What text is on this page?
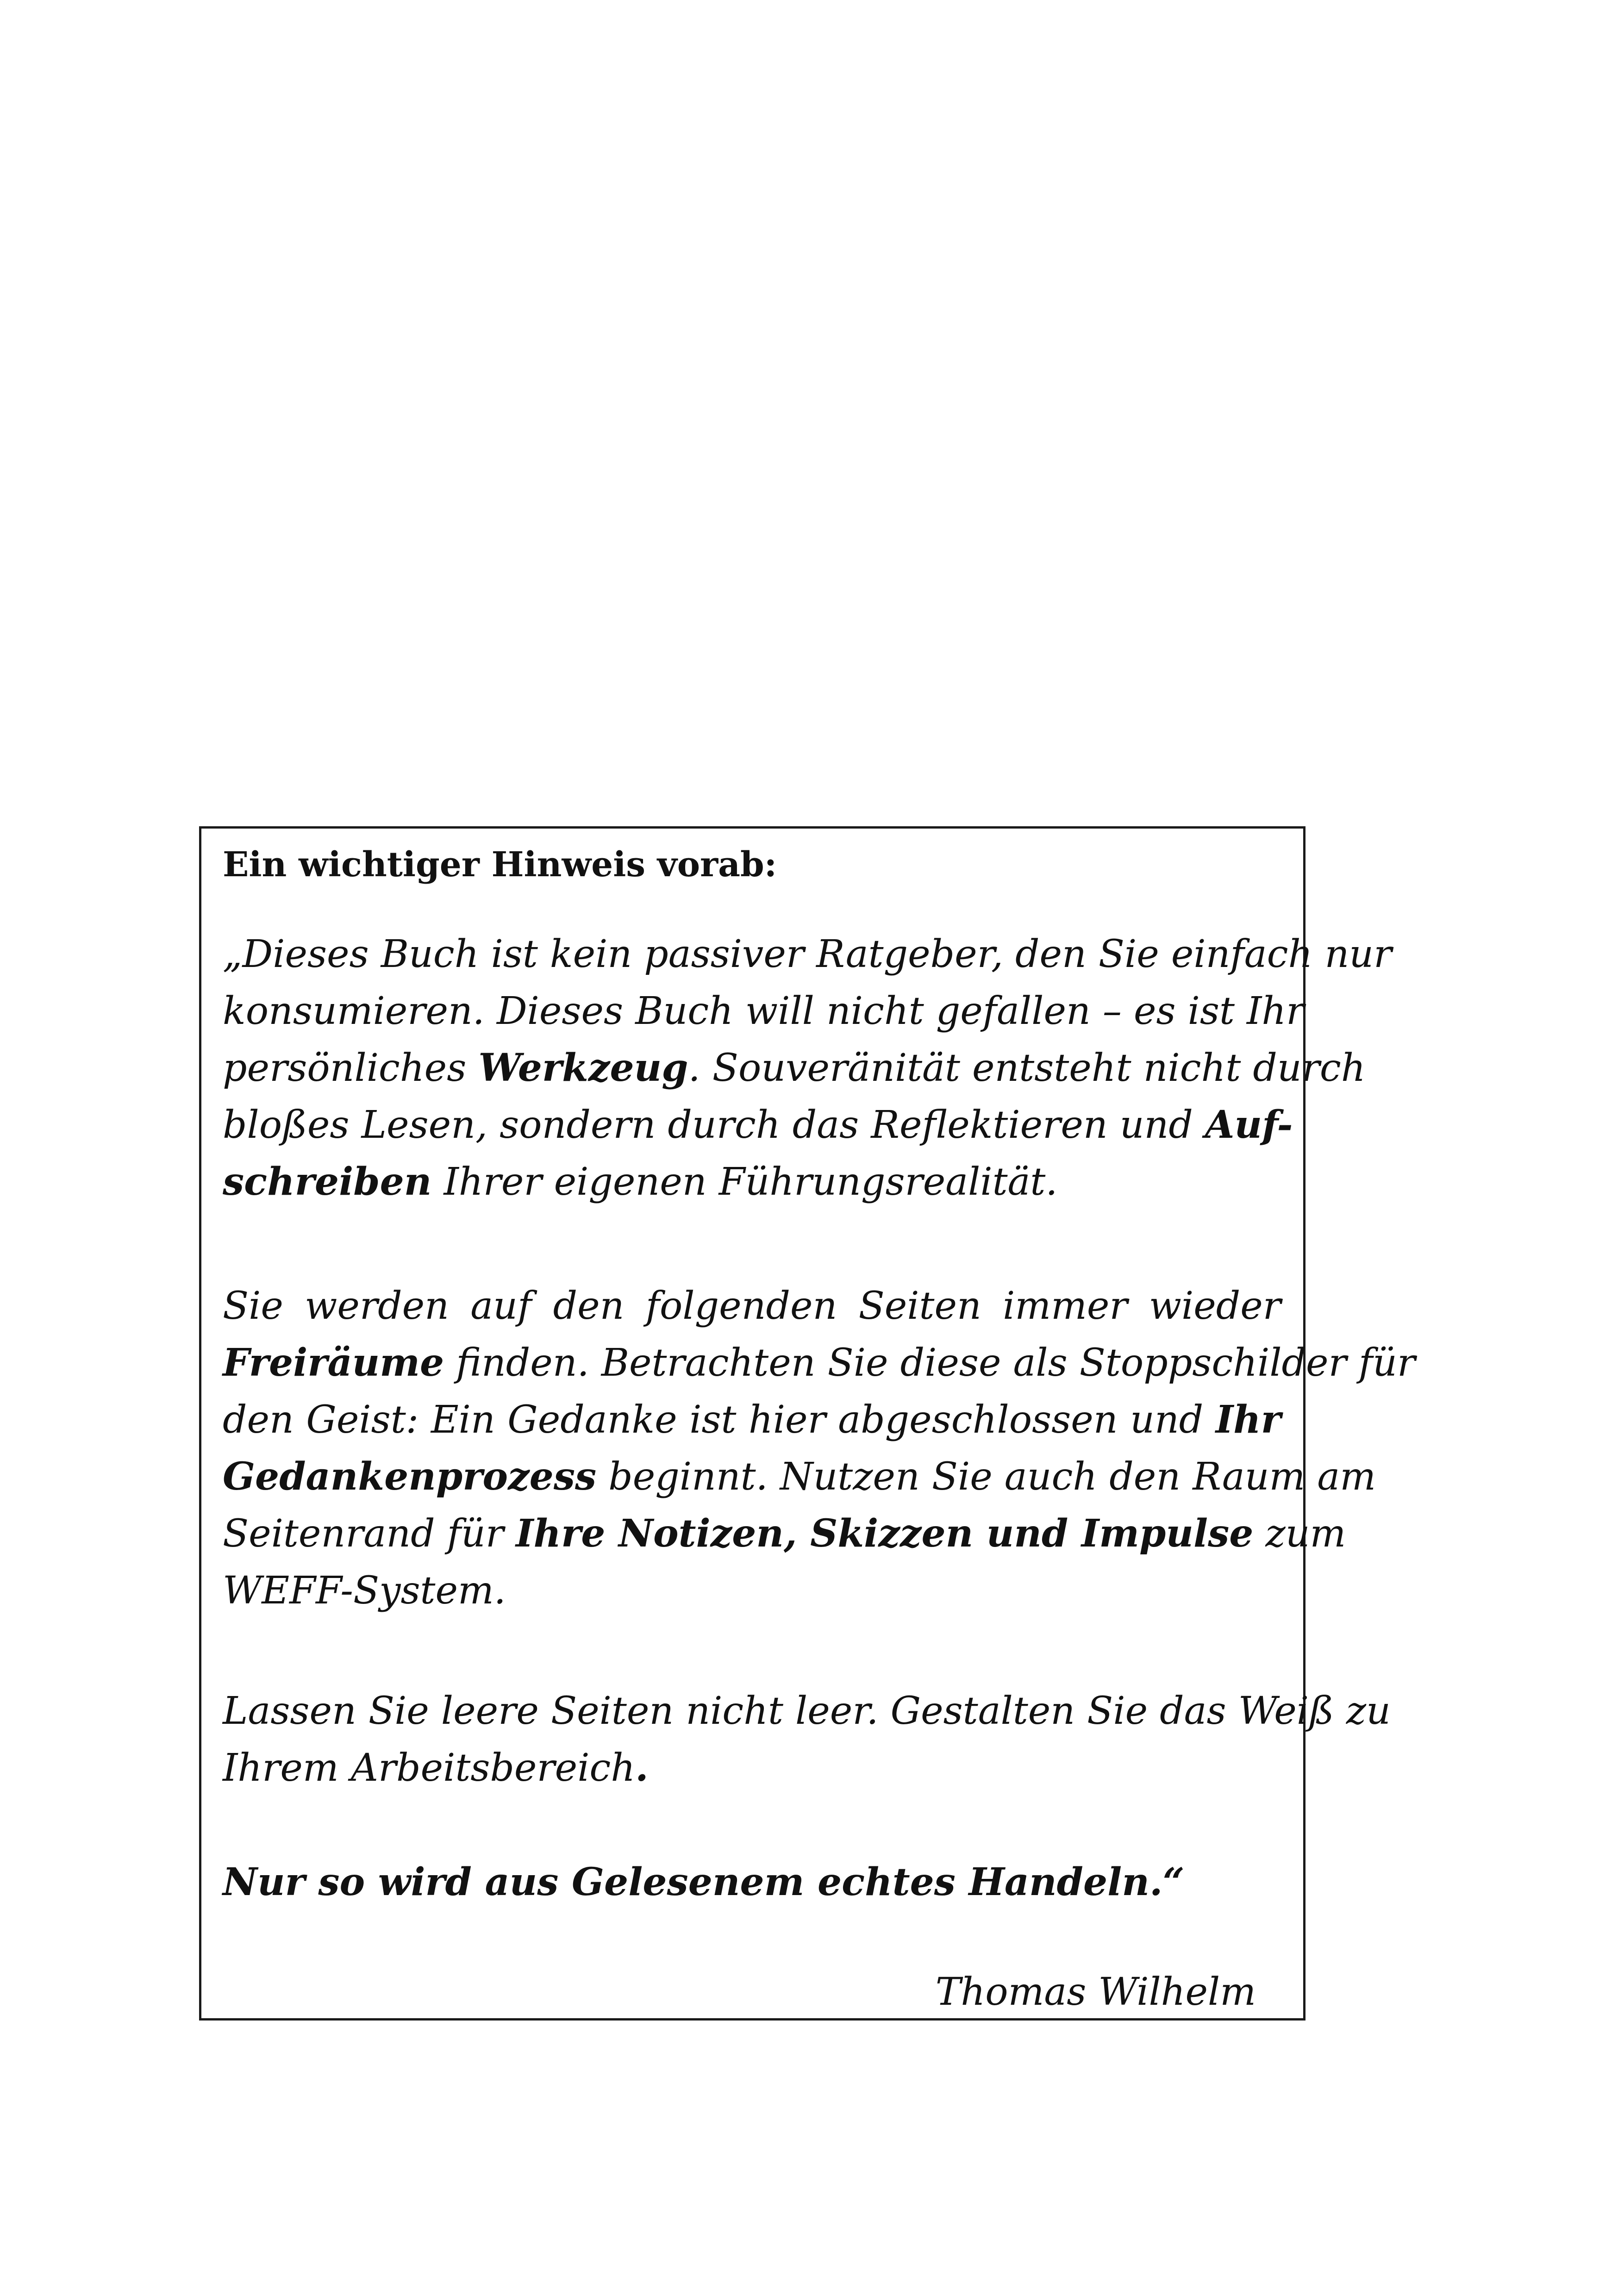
Ein wichtiger Hinweis vorab:

„Dieses Buch ist kein passiver Ratgeber, den Sie einfach nur
konsumieren. Dieses Buch will nicht gefallen – es ist Ihr
persönliches Werkzeug. Souveränität entsteht nicht durch
bloßes Lesen, sondern durch das Reflektieren und Auf-
schreiben Ihrer eigenen Führungsrealität.

Sie werden auf den folgenden Seiten immer wieder
Freiräume finden. Betrachten Sie diese als Stoppschilder für
den Geist: Ein Gedanke ist hier abgeschlossen und Ihr
Gedankenprozess beginnt. Nutzen Sie auch den Raum am
Seitenrand für Ihre Notizen, Skizzen und Impulse zum
WEFF-System.

Lassen Sie leere Seiten nicht leer. Gestalten Sie das Weiß zu
Ihrem Arbeitsbereich.

Nur so wird aus Gelesenem echtes Handeln.“

Thomas Wilhelm
